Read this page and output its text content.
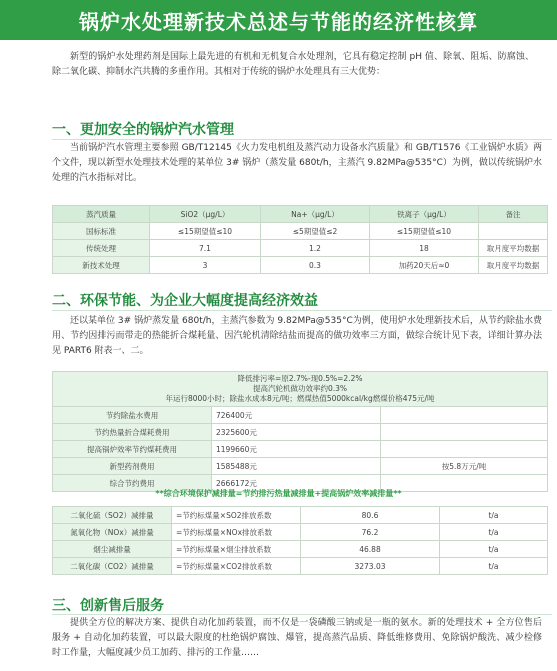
锅炉水处理新技术总述与节能的经济性核算

新型的锅炉水处理药剂是国际上最先进的有机和无机复合水处理剂，它具有稳定控制 pH 值、除氧、阻垢、防腐蚀、除二氧化碳、抑制水汽共腾的多重作用。其相对于传统的锅炉水处理具有三大优势：

一、更加安全的锅炉汽水管理

当前锅炉汽水管理主要参照 GB/T12145《火力发电机组及蒸汽动力设备水汽质量》和 GB/T1576《工业锅炉水质》两个文件，现以新型水处理技术处理的某单位 3# 锅炉（蒸发量 680t/h，主蒸汽 9.82MPa@535°C）为例，做以传统锅炉水处理的汽水指标对比。

蒸汽质量	SiO2（μg/L）	Na+（μg/L）	铁离子（μg/L）	备注
国标标准	≤15期望值≤10	≤5期望值≤2	≤15期望值≤10	
传统处理	7.1	1.2	18	取月度平均数据
新技术处理	3	0.3	加药20天后≈0	取月度平均数据
二、环保节能、为企业大幅度提高经济效益

还以某单位 3# 锅炉蒸发量 680t/h，主蒸汽参数为 9.82MPa@535°C为例，使用炉水处理新技术后，从节约除盐水费用、节约因排污而带走的热能折合煤耗量、因汽轮机清除结盐而提高的做功效率三方面，做综合统计见下表，详细计算办法见 PART6 附表一、二。

降低排污率=原2.7%-现0.5%=2.2%
提高汽轮机做功效率约0.3%
年运行8000小时；除盐水成本8元/吨；燃煤热值5000kcal/kg燃煤价格475元/吨		

节约除盐水费用	726400元	
节约热量折合煤耗费用	2325600元	
提高锅炉效率节约煤耗费用	1199660元	
新型药剂费用	1585488元	按5.8万元/吨
综合节约费用	2666172元	
**综合环境保护减排量=节约排污热量减排量+提高锅炉效率减排量**
二氧化硫（SO2）减排量	=节约标煤量×SO2排放系数	80.6	t/a
氮氧化物（NOx）减排量	=节约标煤量×NOx排放系数	76.2	t/a
烟尘减排量	=节约标煤量×烟尘排放系数	46.88	t/a
二氧化碳（CO2）减排量	=节约标煤量×CO2排放系数	3273.03	t/a
三、创新售后服务

提供全方位的解决方案、提供自动化加药装置，而不仅是一袋磷酸三钠或是一瓶的氨水。新的处理技术 + 全方位售后服务 + 自动化加药装置，可以最大限度的杜绝锅炉腐蚀、爆管，提高蒸汽品质、降低维修费用、免除锅炉酸洗、减少检修时工作量，大幅度减少员工加药、排污的工作量……
